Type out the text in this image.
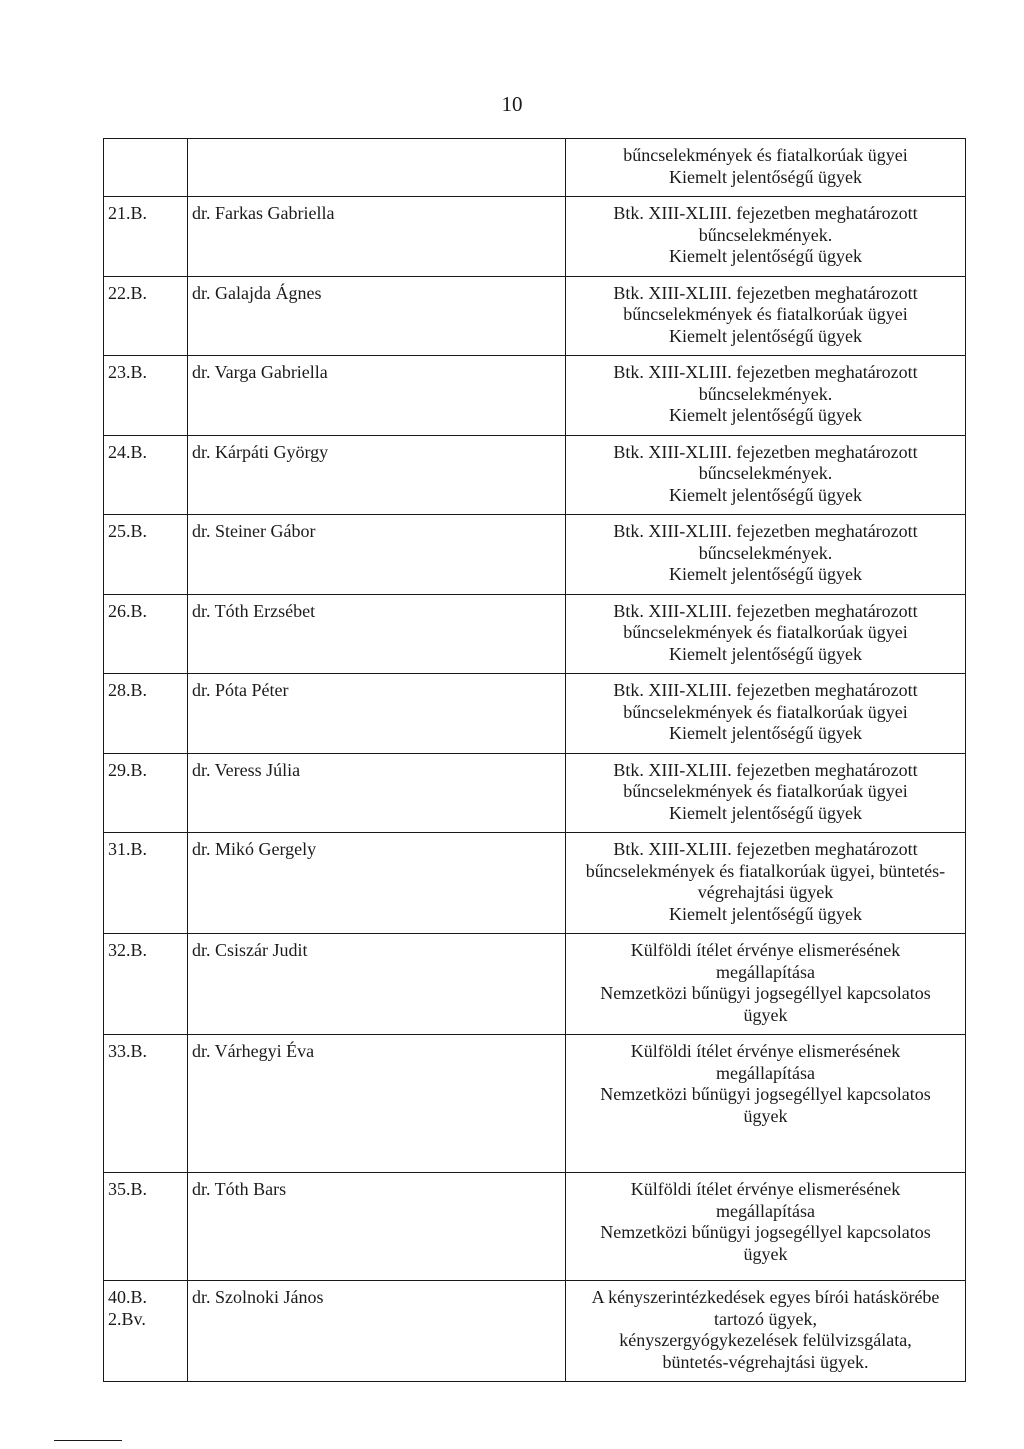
10

		bűncselekmények és fiatalkorúak ügyei
Kiemelt jelentőségű ügyek

21.B.	dr. Farkas Gabriella	Btk. XIII-XLIII. fejezetben meghatározott
bűncselekmények.
Kiemelt jelentőségű ügyek

22.B.	dr. Galajda Ágnes	Btk. XIII-XLIII. fejezetben meghatározott
bűncselekmények és fiatalkorúak ügyei
Kiemelt jelentőségű ügyek

23.B.	dr. Varga Gabriella	Btk. XIII-XLIII. fejezetben meghatározott
bűncselekmények.
Kiemelt jelentőségű ügyek

24.B.	dr. Kárpáti György	Btk. XIII-XLIII. fejezetben meghatározott
bűncselekmények.
Kiemelt jelentőségű ügyek

25.B.	dr. Steiner Gábor	Btk. XIII-XLIII. fejezetben meghatározott
bűncselekmények.
Kiemelt jelentőségű ügyek

26.B.	dr. Tóth Erzsébet	Btk. XIII-XLIII. fejezetben meghatározott
bűncselekmények és fiatalkorúak ügyei
Kiemelt jelentőségű ügyek

28.B.	dr. Póta Péter	Btk. XIII-XLIII. fejezetben meghatározott
bűncselekmények és fiatalkorúak ügyei
Kiemelt jelentőségű ügyek

29.B.	dr. Veress Júlia	Btk. XIII-XLIII. fejezetben meghatározott
bűncselekmények és fiatalkorúak ügyei
Kiemelt jelentőségű ügyek

31.B.	dr. Mikó Gergely	Btk. XIII-XLIII. fejezetben meghatározott
bűncselekmények és fiatalkorúak ügyei, büntetés-
végrehajtási ügyek
Kiemelt jelentőségű ügyek

32.B.	dr. Csiszár Judit	Külföldi ítélet érvénye elismerésének
megállapítása
Nemzetközi bűnügyi jogsegéllyel kapcsolatos
ügyek

33.B.	dr. Várhegyi Éva	Külföldi ítélet érvénye elismerésének
megállapítása
Nemzetközi bűnügyi jogsegéllyel kapcsolatos
ügyek

35.B.	dr. Tóth Bars	Külföldi ítélet érvénye elismerésének
megállapítása
Nemzetközi bűnügyi jogsegéllyel kapcsolatos
ügyek

40.B. 2.Bv.	dr. Szolnoki János	A kényszerintézkedések egyes bírói hatáskörébe
tartozó ügyek,
kényszergyógykezelések felülvizsgálata,
büntetés-végrehajtási ügyek.
